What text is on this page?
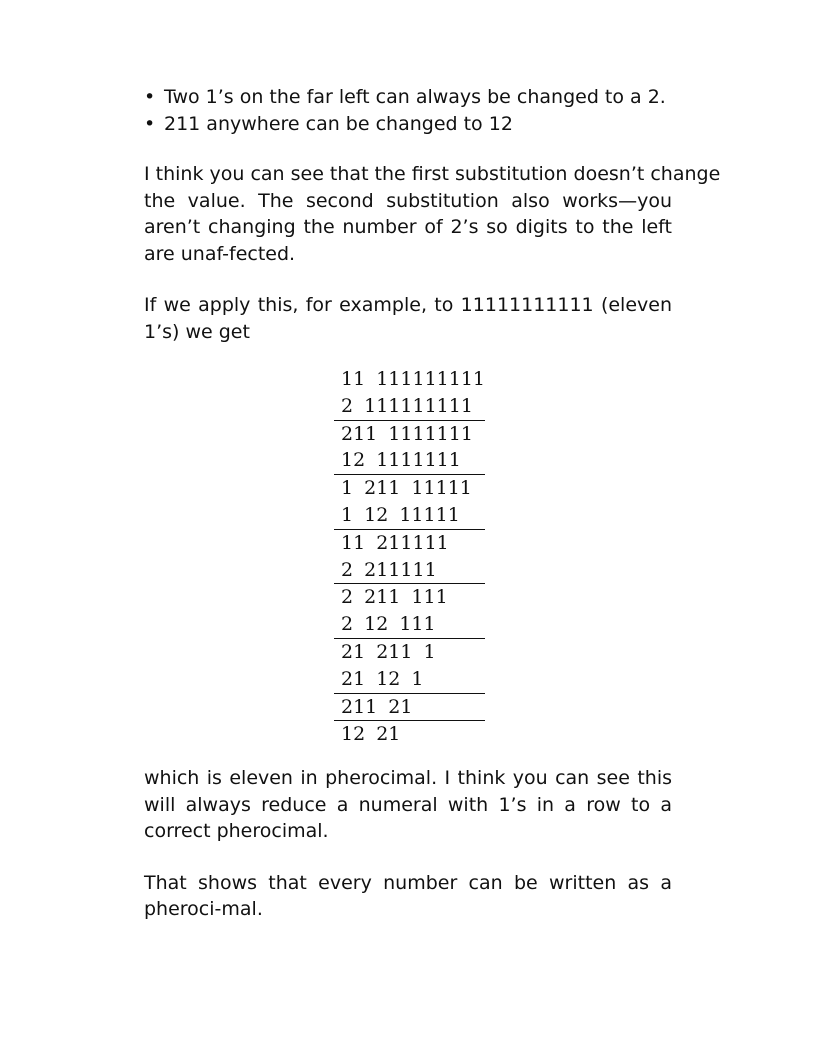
• Two 1’s on the far left can always be changed to a 2.
• 211 anywhere can be changed to 12

I think you can see that the first substitution doesn’t change the value. The second substitution also works—you aren’t changing the number of 2’s so digits to the left are unaf-fected.

If we apply this, for example, to 11111111111 (eleven 1’s) we get

11 111111111
2 111111111
211 1111111
12 1111111
1 211 11111
1 12 11111
11 211111
2 211111
2 211 111
2 12 111
21 211 1
21 12 1
211 21
12 21

which is eleven in pherocimal. I think you can see this will always reduce a numeral with 1’s in a row to a correct pherocimal.

That shows that every number can be written as a pheroci-mal.
